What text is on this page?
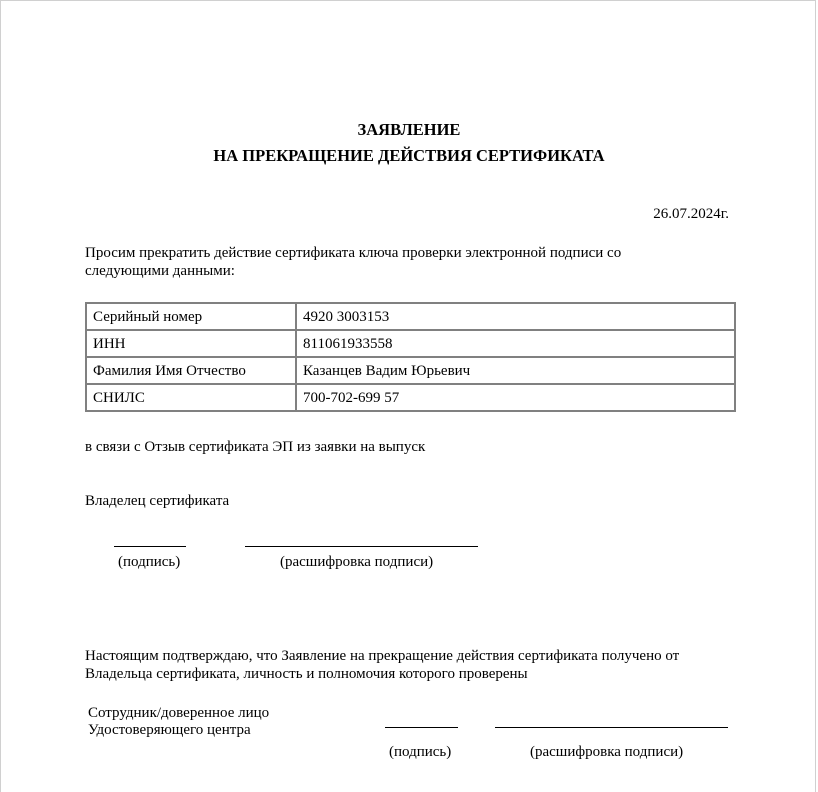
ЗАЯВЛЕНИЕ
НА ПРЕКРАЩЕНИЕ ДЕЙСТВИЯ СЕРТИФИКАТА
26.07.2024г.
Просим прекратить действие сертификата ключа проверки электронной подписи со
следующими данными:
Серийный номер	4920 3003153
ИНН	811061933558
Фамилия Имя Отчество	Казанцев Вадим Юрьевич
СНИЛС	700-702-699 57
в связи с Отзыв сертификата ЭП из заявки на выпуск
Владелец сертификата
(подпись)	(расшифровка подписи)
Настоящим подтверждаю, что Заявление на прекращение действия сертификата получено от
Владельца сертификата, личность и полномочия которого проверены
Сотрудник/доверенное лицо
Удостоверяющего центра
(подпись)	(расшифровка подписи)
